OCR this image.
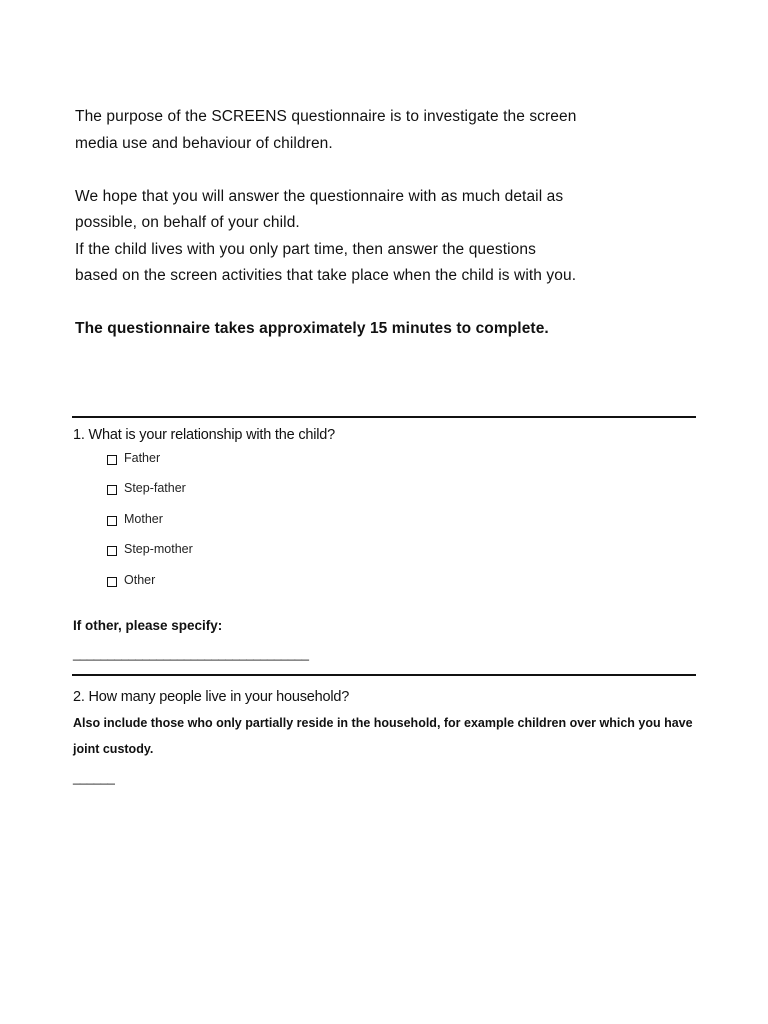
The purpose of the SCREENS questionnaire is to investigate the screen

media use and behaviour of children.

We hope that you will answer the questionnaire with as much detail as

possible, on behalf of your child.

If the child lives with you only part time, then answer the questions

based on the screen activities that take place when the child is with you.

The questionnaire takes approximately 15 minutes to complete.

1. What is your relationship with the child?
Father
Step-father
Mother
Step-mother
Other
If other, please specify:
__________________________________
2. How many people live in your household?
Also include those who only partially reside in the household, for example children over which you have joint custody.
______
